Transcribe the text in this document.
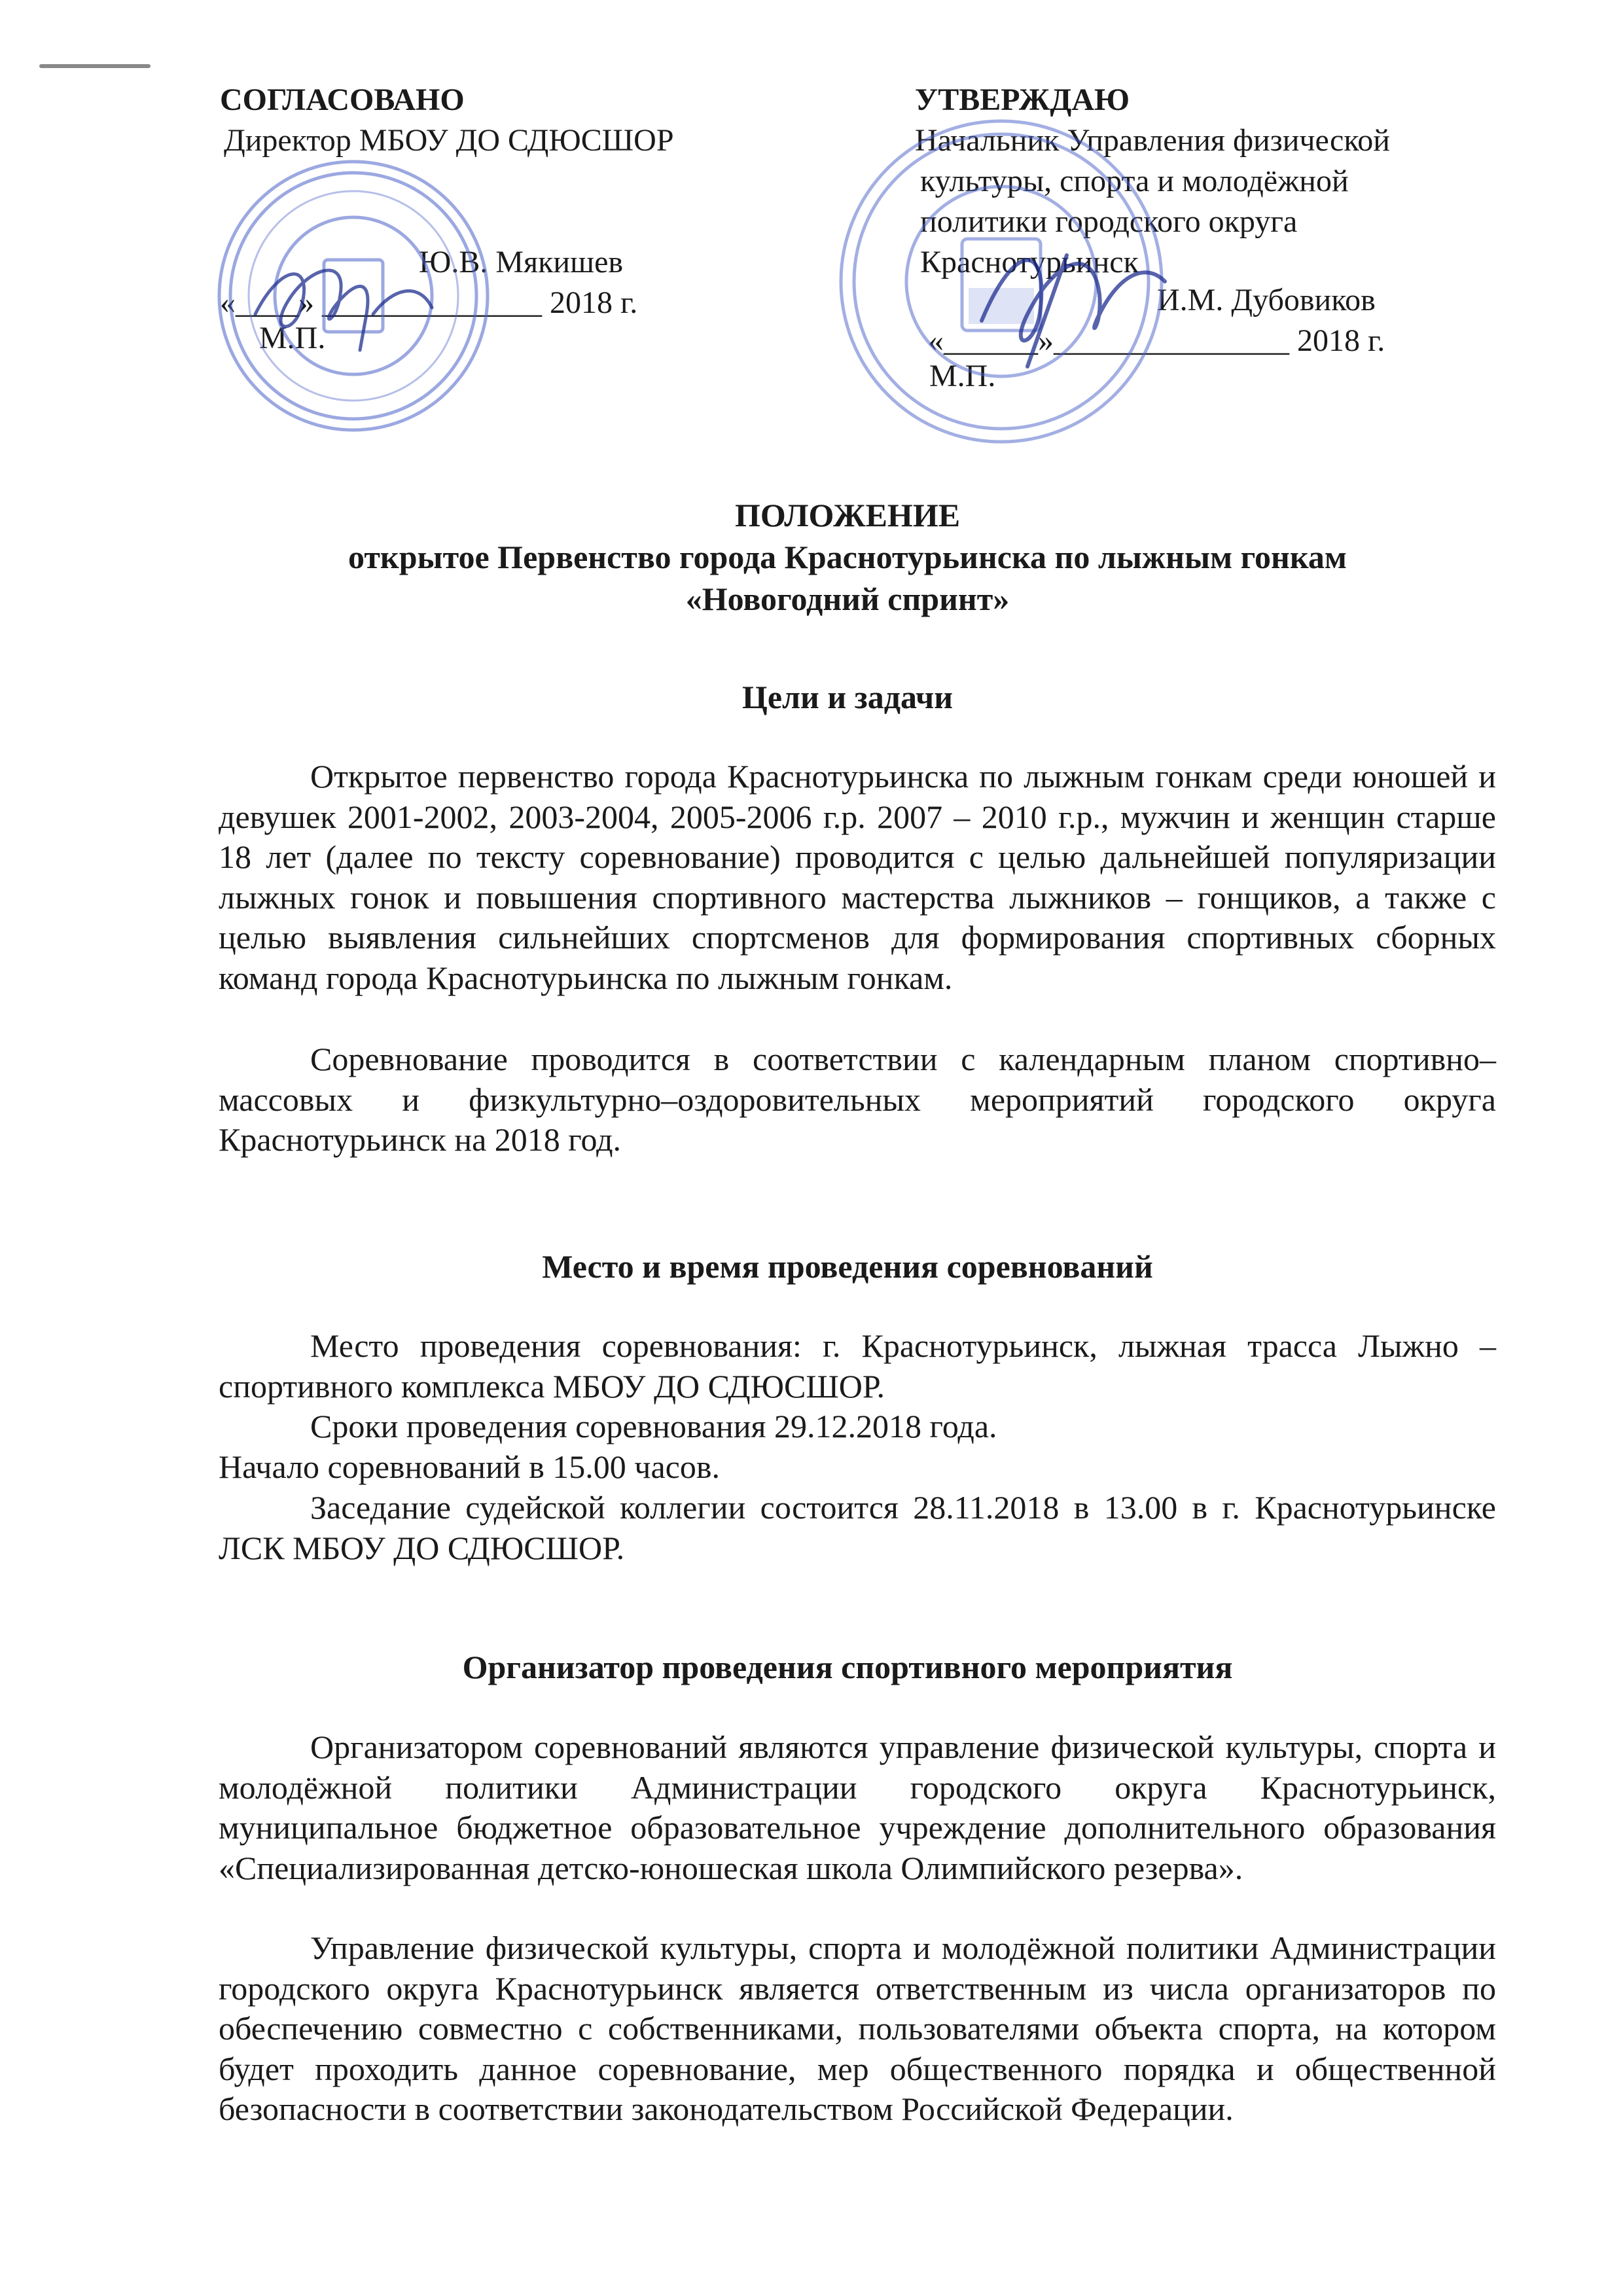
СОГЛАСОВАНО
Директор МБОУ ДО СДЮСШОР
Ю.В. Мякишев
«____» ______________ 2018 г.
М.П.
УТВЕРЖДАЮ
Начальник Управления физической
культуры, спорта и молодёжной
политики городского округа
Краснотурьинск
И.М. Дубовиков
«______»_______________ 2018 г.
М.П.
ПОЛОЖЕНИЕ
открытое Первенство города Краснотурьинска по лыжным гонкам
«Новогодний спринт»
Цели и задачи
Открытое первенство города Краснотурьинска по лыжным гонкам среди юношей и девушек 2001-2002, 2003-2004, 2005-2006 г.р. 2007 – 2010 г.р., мужчин и женщин старше 18 лет (далее по тексту соревнование) проводится с целью дальнейшей популяризации лыжных гонок и повышения спортивного мастерства лыжников – гонщиков, а также с целью выявления сильнейших спортсменов для формирования спортивных сборных команд города Краснотурьинска по лыжным гонкам.
Соревнование проводится в соответствии с календарным планом спортивно–массовых и физкультурно–оздоровительных мероприятий городского округа Краснотурьинск на 2018 год.
Место и время проведения соревнований
Место проведения соревнования: г. Краснотурьинск, лыжная трасса Лыжно – спортивного комплекса МБОУ ДО СДЮСШОР.
Сроки проведения соревнования 29.12.2018 года.
Начало соревнований в 15.00 часов.
Заседание судейской коллегии состоится 28.11.2018 в 13.00 в г. Краснотурьинске ЛСК МБОУ ДО СДЮСШОР.
Организатор проведения спортивного мероприятия
Организатором соревнований являются управление физической культуры, спорта и молодёжной политики Администрации городского округа Краснотурьинск, муниципальное бюджетное образовательное учреждение дополнительного образования «Специализированная детско-юношеская школа Олимпийского резерва».
Управление физической культуры, спорта и молодёжной политики Администрации городского округа Краснотурьинск является ответственным из числа организаторов по обеспечению совместно с собственниками, пользователями объекта спорта, на котором будет проходить данное соревнование, мер общественного порядка и общественной безопасности в соответствии законодательством Российской Федерации.
